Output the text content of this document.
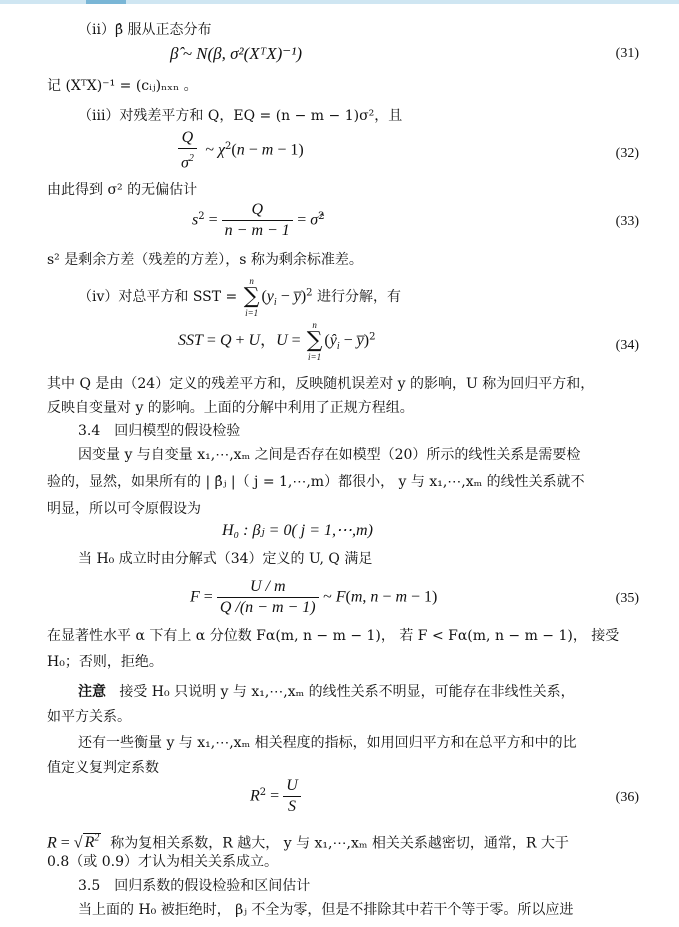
（ii）β̂ 服从正态分布
β̂ ~ N(β, σ²(XᵀX)⁻¹)	(31)
记 (XᵀX)⁻¹ = (cᵢⱼ)ₙₓₙ 。
（iii）对残差平方和 Q，EQ = (n − m − 1)σ²，且
$\frac{Q}{\sigma^2}$ ~ $\chi^2(n - m - 1)$	(32)
由此得到 σ² 的无偏估计
$s^2 = \frac{Q}{n - m - 1}$ = σ̂$^2$	(33)
s² 是剩余方差（残差的方差），s 称为剩余标准差。
（iv）对总平方和 SST =
n
∑
i=1
($y_i$ − y̅)$^2$ 进行分解，有
SST = Q + U，U =
n
∑
i=1
($ŷ_i$ − y̅)$^2$
(34)
其中 Q 是由（24）定义的残差平方和，反映随机误差对 y 的影响，U 称为回归平方和，
反映自变量对 y 的影响。上面的分解中利用了正规方程组。
3.4　回归模型的假设检验
因变量 y 与自变量 x₁,⋯,xₘ 之间是否存在如模型（20）所示的线性关系是需要检
验的，显然，如果所有的 | β̂ⱼ |（ j = 1,⋯,m）都很小， y 与 x₁,⋯,xₘ 的线性关系就不
明显，所以可令原假设为
H₀ : βⱼ = 0( j = 1,⋯,m)
当 H₀ 成立时由分解式（34）定义的 U, Q 满足
$F = \frac{U / m}{Q /(n - m - 1)}$ ~ F(m, n − m − 1)	(35)
在显著性水平 α 下有上 α 分位数 Fα(m, n − m − 1)， 若 F < Fα(m, n − m − 1)， 接受
H₀；否则，拒绝。
注意 接受 H₀ 只说明 y 与 x₁,⋯,xₘ 的线性关系不明显，可能存在非线性关系，
如平方关系。
还有一些衡量 y 与 x₁,⋯,xₘ 相关程度的指标，如用回归平方和在总平方和中的比
值定义复判定系数
$R^2 = \frac{U}{S}$	(36)
R = √ $R^2$ 称为复相关系数，R 越大， y 与 x₁,⋯,xₘ 相关关系越密切，通常，R 大于
0.8（或 0.9）才认为相关关系成立。
3.5　回归系数的假设检验和区间估计
当上面的 H₀ 被拒绝时， βⱼ 不全为零，但是不排除其中若干个等于零。所以应进
